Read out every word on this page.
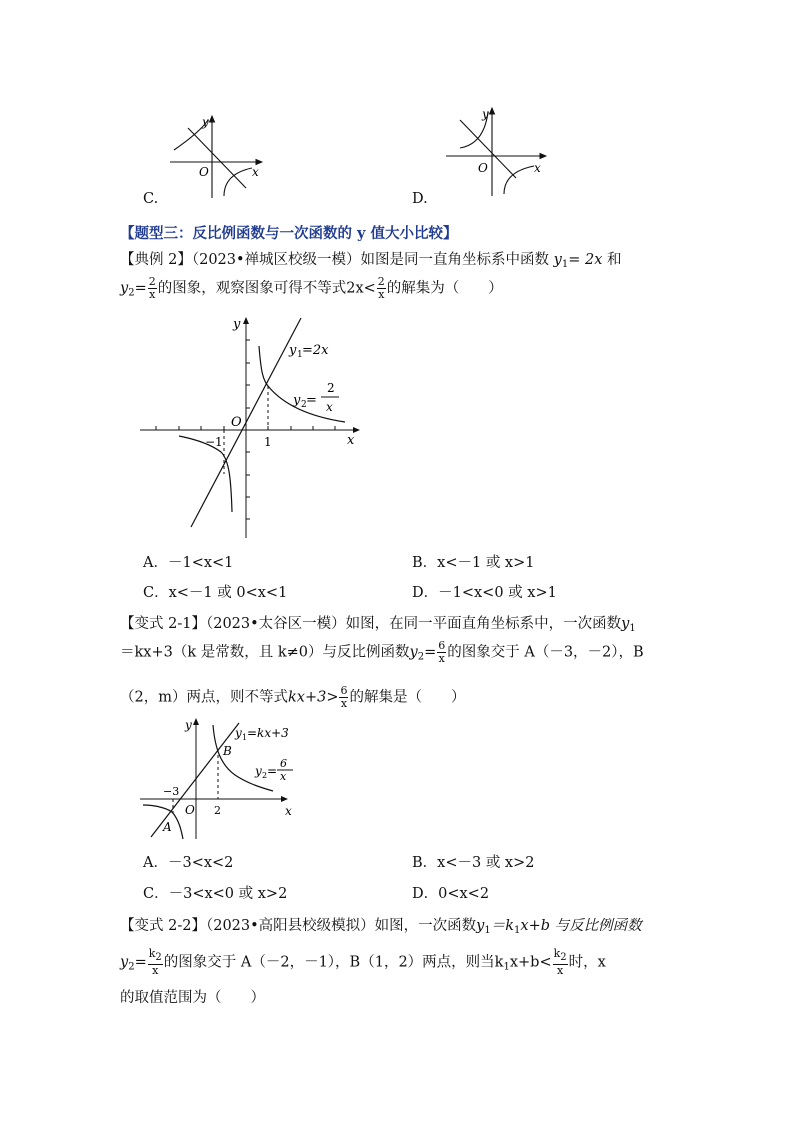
y
x
O
C.
y
x
O
D.
【题型三：反比例函数与一次函数的 y 值大小比较】
【典例 2】（2023•禅城区校级一模）如图是同一直角坐标系中函数 $y_1= 2x$ 和
$y_2= \frac{2}{x}$ 的图象，观察图象可得不等式$2x< \frac{2}{x}$ 的解集为（　　）
y
x
O
−1	1
y 1 =2x
y 2 =
2
x
A．－1<x<1	B．x<－1 或 x>1
C．x<－1 或 0<x<1	D．－1<x<0 或 x>1
【变式 2-1】（2023•太谷区一模）如图，在同一平面直角坐标系中，一次函数$y_1$
＝kx+3（k 是常数，且 k≠0）与反比例函数$y_2= \frac{6}{x}$ 的图象交于 A（－3，－2），B
（2，m）两点，则不等式$kx+3> \frac{6}{x}$ 的解集是（　　）
y
x
O
−3
2
A
B
y 1 =kx+3
y 2 =
6
x
A．－3<x<2	B．x<－3 或 x>2
C．－3<x<0 或 x>2	D．0<x<2
【变式 2-2】（2023•高阳县校级模拟）如图，一次函数$y_1=k_1x+b$ 与反比例函数
$y_2= \frac{k2}{x}$ 的图象交于 A（－2，－1），B（1，2）两点，则当$k_1x+b< \frac{k2}{x}$ 时，x
的取值范围为（　　）
